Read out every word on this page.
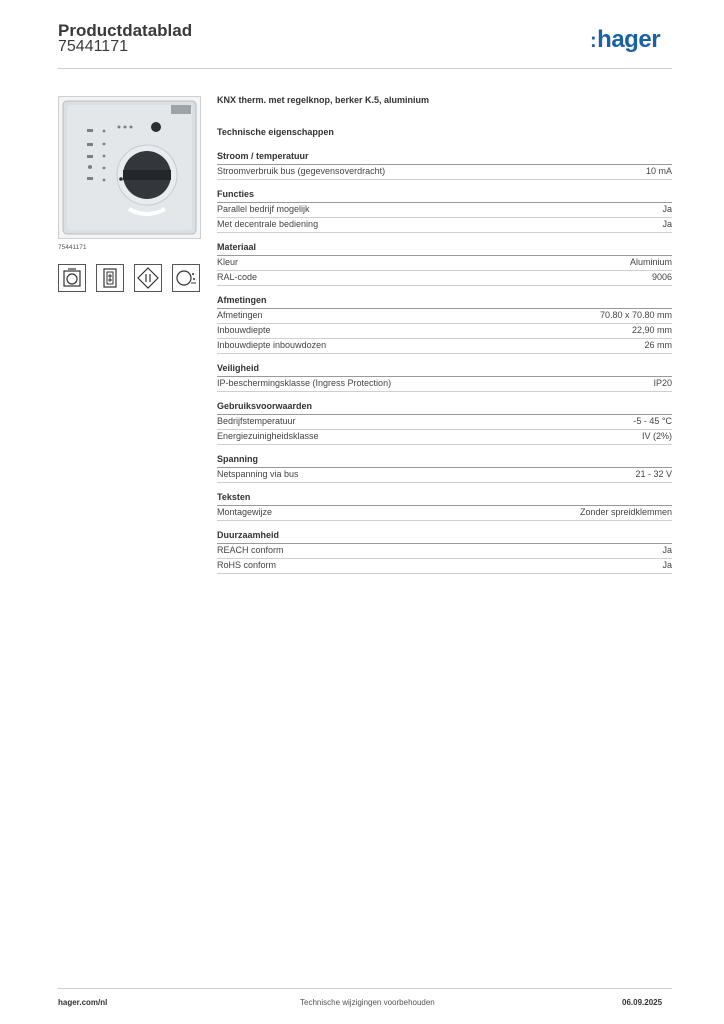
Productdatablad
75441171	:hager
75441171
KNX therm. met regelknop, berker K.5, aluminium
Technische eigenschappen
Stroom / temperatuur
Stroomverbruik bus (gegevensoverdracht)	10 mA
Functies
Parallel bedrijf mogelijk	Ja
Met decentrale bediening	Ja
Materiaal
Kleur	Aluminium
RAL-code	9006
Afmetingen
Afmetingen	70.80 x 70.80 mm
Inbouwdiepte	22,90 mm
Inbouwdiepte inbouwdozen	26 mm
Veiligheid
IP-beschermingsklasse (Ingress Protection)	IP20
Gebruiksvoorwaarden
Bedrijfstemperatuur	-5 - 45 °C
Energiezuinigheidsklasse	IV (2%)
Spanning
Netspanning via bus	21 - 32 V
Teksten
Montagewijze	Zonder spreidklemmen
Duurzaamheid
REACH conform	Ja
RoHS conform	Ja
hager.com/nl	Technische wijzigingen voorbehouden	06.09.2025
